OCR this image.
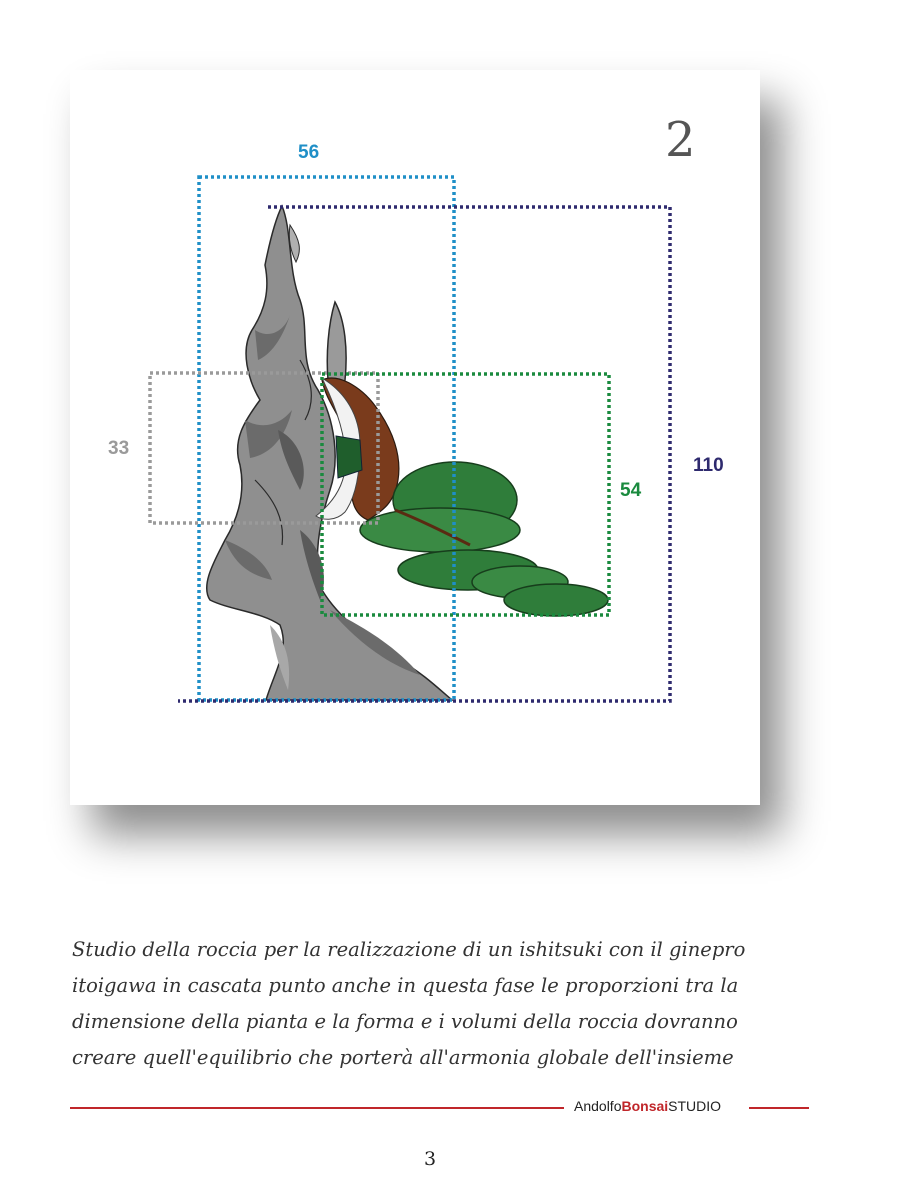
2
56
33
54
110
Studio della roccia per la realizzazione di un ishitsuki con il ginepro
itoigawa in cascata punto anche in questa fase le proporzioni tra la
dimensione della pianta e la forma e i volumi della roccia dovranno
creare quell'equilibrio che porterà all'armonia globale dell'insieme
AndolfoBonsaiSTUDIO
3
